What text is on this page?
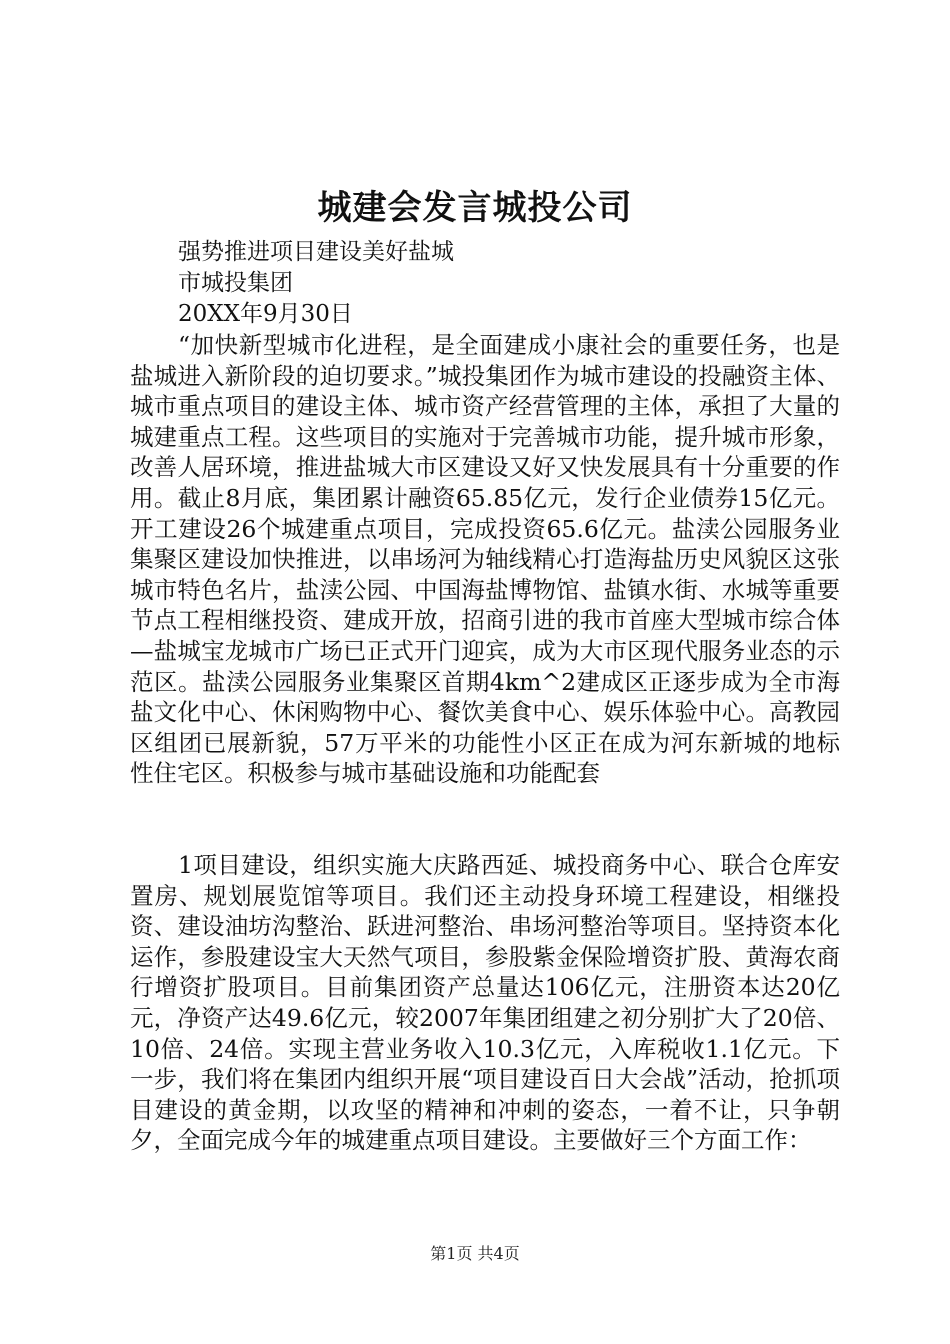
城建会发言城投公司
强势推进项目建设美好盐城
市城投集团
20XX年9月30日

“加快新型城市化进程，是全面建成小康社会的重要任务，也是盐城进入新阶段的迫切要求。”城投集团作为城市建设的投融资主体、城市重点项目的建设主体、城市资产经营管理的主体，承担了大量的城建重点工程。这些项目的实施对于完善城市功能，提升城市形象，改善人居环境，推进盐城大市区建设又好又快发展具有十分重要的作用。截止8月底，集团累计融资65.85亿元，发行企业债券15亿元。开工建设26个城建重点项目，完成投资65.6亿元。盐渎公园服务业集聚区建设加快推进，以串场河为轴线精心打造海盐历史风貌区这张城市特色名片，盐渎公园、中国海盐博物馆、盐镇水街、水城等重要节点工程相继投资、建成开放，招商引进的我市首座大型城市综合体—盐城宝龙城市广场已正式开门迎宾，成为大市区现代服务业态的示范区。盐渎公园服务业集聚区首期4km^2建成区正逐步成为全市海盐文化中心、休闲购物中心、餐饮美食中心、娱乐体验中心。高教园区组团已展新貌，57万平米的功能性小区正在成为河东新城的地标性住宅区。积极参与城市基础设施和功能配套

1项目建设，组织实施大庆路西延、城投商务中心、联合仓库安置房、规划展览馆等项目。我们还主动投身环境工程建设，相继投资、建设油坊沟整治、跃进河整治、串场河整治等项目。坚持资本化运作，参股建设宝大天然气项目，参股紫金保险增资扩股、黄海农商行增资扩股项目。目前集团资产总量达106亿元，注册资本达20亿元，净资产达49.6亿元，较2007年集团组建之初分别扩大了20倍、10倍、24倍。实现主营业务收入10.3亿元，入库税收1.1亿元。下一步，我们将在集团内组织开展“项目建设百日大会战”活动，抢抓项目建设的黄金期，以攻坚的精神和冲刺的姿态，一着不让，只争朝夕，全面完成今年的城建重点项目建设。主要做好三个方面工作：

第1页 共4页
